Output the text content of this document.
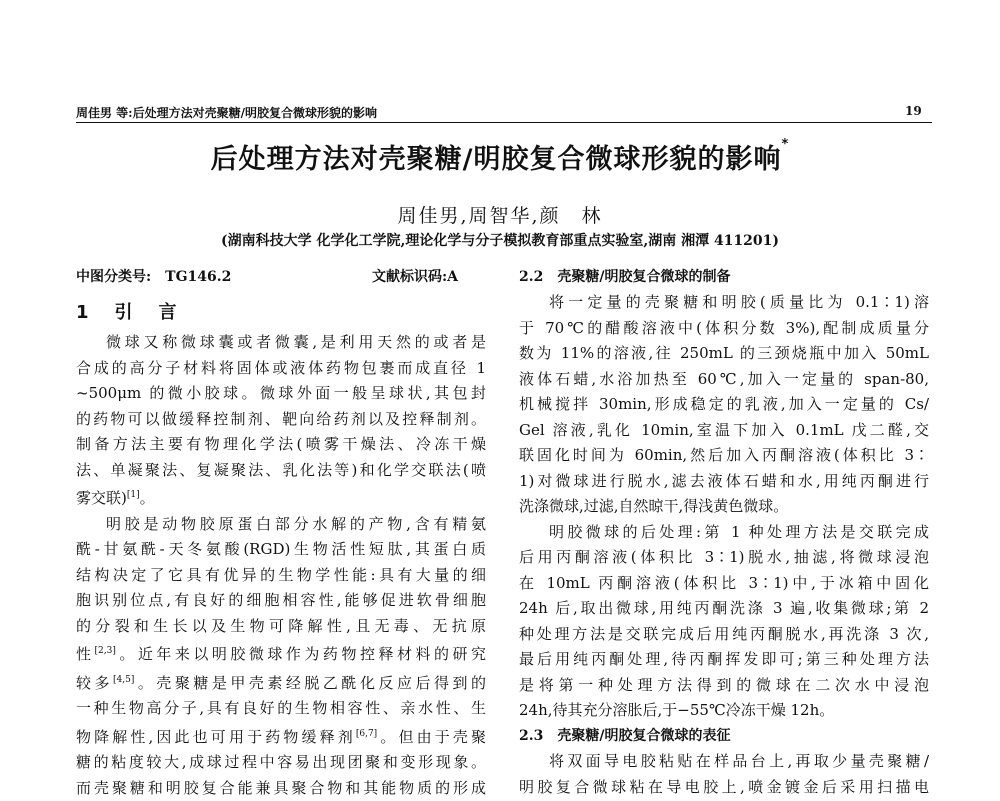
周佳男 等:后处理方法对壳聚糖/明胶复合微球形貌的影响	19
后处理方法对壳聚糖/明胶复合微球形貌的影响*
周佳男,周智华,颜　林
(湖南科技大学 化学化工学院,理论化学与分子模拟教育部重点实验室,湖南 湘潭 411201)
中图分类号:　TG146.2	文献标识码:A
1　引　言

微球又称微球囊或者微囊,是利用天然的或者是

合成的高分子材料将固体或液体药物包裹而成直径 1

~500μm 的微小胶球。微球外面一般呈球状,其包封

的药物可以做缓释控制剂、靶向给药剂以及控释制剂。

制备方法主要有物理化学法(喷雾干燥法、冷冻干燥

法、单凝聚法、复凝聚法、乳化法等)和化学交联法(喷

雾交联)[1]。

明胶是动物胶原蛋白部分水解的产物,含有精氨

酰-甘氨酰-天冬氨酸(RGD)生物活性短肽,其蛋白质

结构决定了它具有优异的生物学性能:具有大量的细

胞识别位点,有良好的细胞相容性,能够促进软骨细胞

的分裂和生长以及生物可降解性,且无毒、无抗原

性[2,3]。近年来以明胶微球作为药物控释材料的研究

较多[4,5]。壳聚糖是甲壳素经脱乙酰化反应后得到的

一种生物高分子,具有良好的生物相容性、亲水性、生

物降解性,因此也可用于药物缓释剂[6,7]。但由于壳聚

糖的粘度较大,成球过程中容易出现团聚和变形现象。

而壳聚糖和明胶复合能兼具聚合物和其能物质的形成

2.2　壳聚糖/明胶复合微球的制备

将一定量的壳聚糖和明胶(质量比为 0.1∶1)溶

于 70℃的醋酸溶液中(体积分数 3%),配制成质量分

数为 11%的溶液,往 250mL 的三颈烧瓶中加入 50mL

液体石蜡,水浴加热至 60℃,加入一定量的 span-80,

机械搅拌 30min,形成稳定的乳液,加入一定量的 Cs/

Gel 溶液,乳化 10min,室温下加入 0.1mL 戊二醛,交

联固化时间为 60min,然后加入丙酮溶液(体积比 3∶

1)对微球进行脱水,滤去液体石蜡和水,用纯丙酮进行

洗涤微球,过滤,自然晾干,得浅黄色微球。

明胶微球的后处理:第 1 种处理方法是交联完成

后用丙酮溶液(体积比 3∶1)脱水,抽滤,将微球浸泡

在 10mL 丙酮溶液(体积比 3∶1)中,于冰箱中固化

24h 后,取出微球,用纯丙酮洗涤 3 遍,收集微球;第 2

种处理方法是交联完成后用纯丙酮脱水,再洗涤 3 次,

最后用纯丙酮处理,待丙酮挥发即可;第三种处理方法

是将第一种处理方法得到的微球在二次水中浸泡

24h,待其充分溶胀后,于−55℃冷冻干燥 12h。

2.3　壳聚糖/明胶复合微球的表征

将双面导电胶粘贴在样品台上,再取少量壳聚糖/

明胶复合微球粘在导电胶上,喷金镀金后采用扫描电
